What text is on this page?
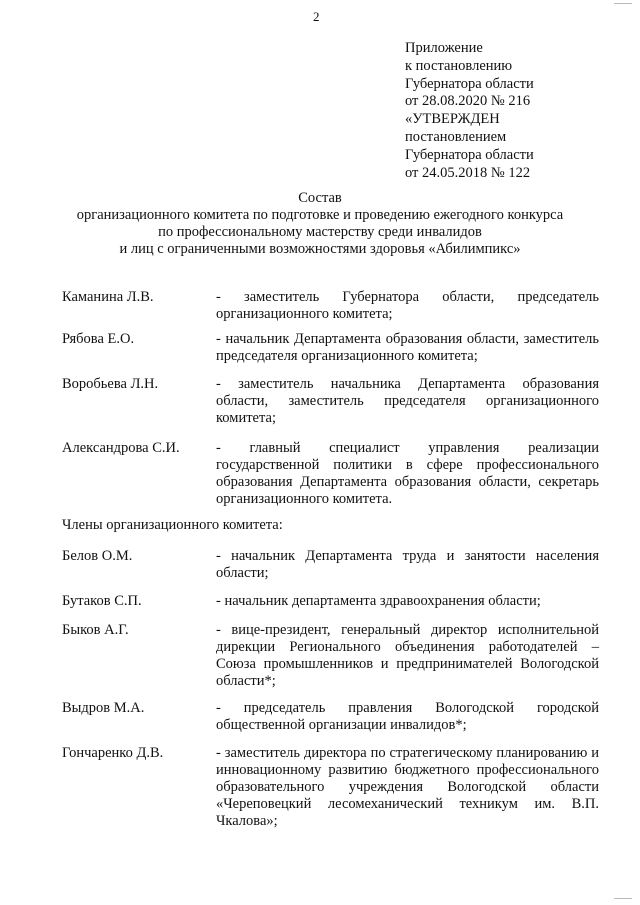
2
Приложение
к постановлению
Губернатора области
от 28.08.2020 № 216
«УТВЕРЖДЕН
постановлением
Губернатора области
от 24.05.2018 № 122
Состав
организационного комитета по подготовке и проведению ежегодного конкурса
по профессиональному мастерству среди инвалидов
и лиц с ограниченными возможностями здоровья «Абилимпикс»
Каманина Л.В.	- заместитель Губернатора области, председатель организационного комитета;
Рябова Е.О.	- начальник Департамента образования области, заместитель председателя организационного комитета;
Воробьева Л.Н.	- заместитель начальника Департамента образования области, заместитель председателя организационного комитета;
Александрова С.И.	- главный специалист управления реализации государственной политики в сфере профессионального образования Департамента образования области, секретарь организационного комитета.
Члены организационного комитета:
Белов О.М.	- начальник Департамента труда и занятости населения области;
Бутаков С.П.	- начальник департамента здравоохранения области;
Быков А.Г.	- вице-президент, генеральный директор исполнительной дирекции Регионального объединения работодателей – Союза промышленников и предпринимателей Вологодской области*;
Выдров М.А.	- председатель правления Вологодской городской общественной организации инвалидов*;
Гончаренко Д.В.	- заместитель директора по стратегическому планированию и инновационному развитию бюджетного профессионального образовательного учреждения Вологодской области «Череповецкий лесомеханический техникум им. В.П. Чкалова»;
